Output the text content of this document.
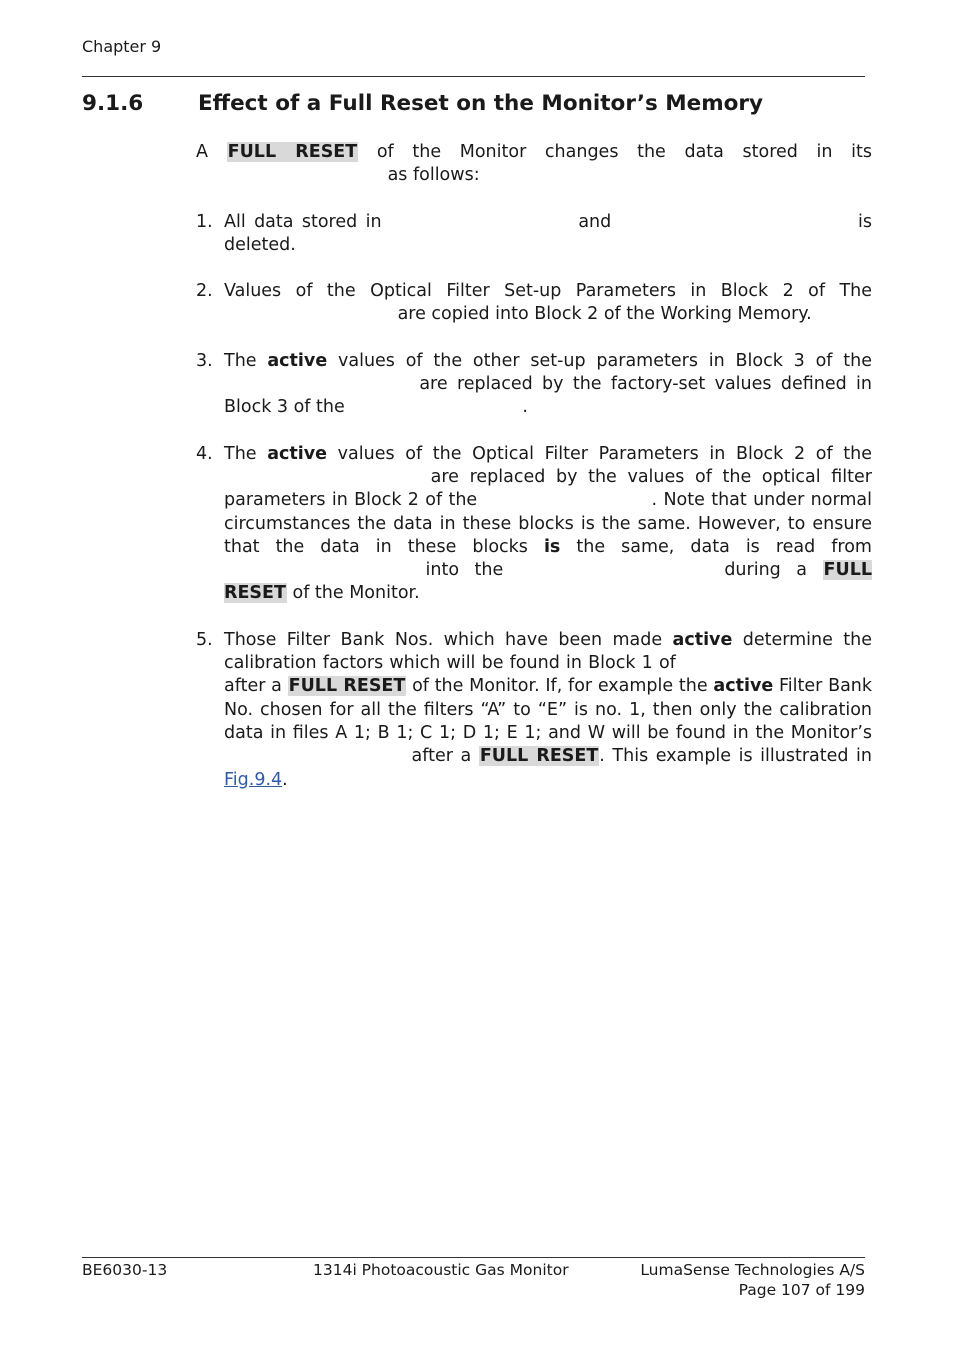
Chapter 9
9.1.6	Effect of a Full Reset on the Monitor’s Memory

A FULL RESET of the Monitor changes the data stored in its  as follows:

1. All data stored in	and	is deleted.
2. Values of the Optical Filter Set-up Parameters in Block 2 of The  are copied into Block 2 of the Working Memory.
3. The active values of the other set-up parameters in Block 3 of the  are replaced by the factory-set values defined in Block 3 of the	.
4. The active values of the Optical Filter Parameters in Block 2 of the  are replaced by the values of the optical filter parameters in Block 2 of the	. Note that under normal circumstances the data in these blocks is the same. However, to ensure that the data in these blocks is the same, data is read from  into the	during a FULL RESET of the Monitor.
5. Those Filter Bank Nos. which have been made active determine the calibration factors which will be found in Block 1 of  after a FULL RESET of the Monitor. If, for example the active Filter Bank No. chosen for all the filters “A” to “E” is no. 1, then only the calibration data in files A 1; B 1; C 1; D 1; E 1; and W will be found in the Monitor’s  after a FULL RESET. This example is illustrated in Fig.9.4.
BE6030-13	1314i Photoacoustic Gas Monitor	LumaSense Technologies A/S
Page 107 of 199
